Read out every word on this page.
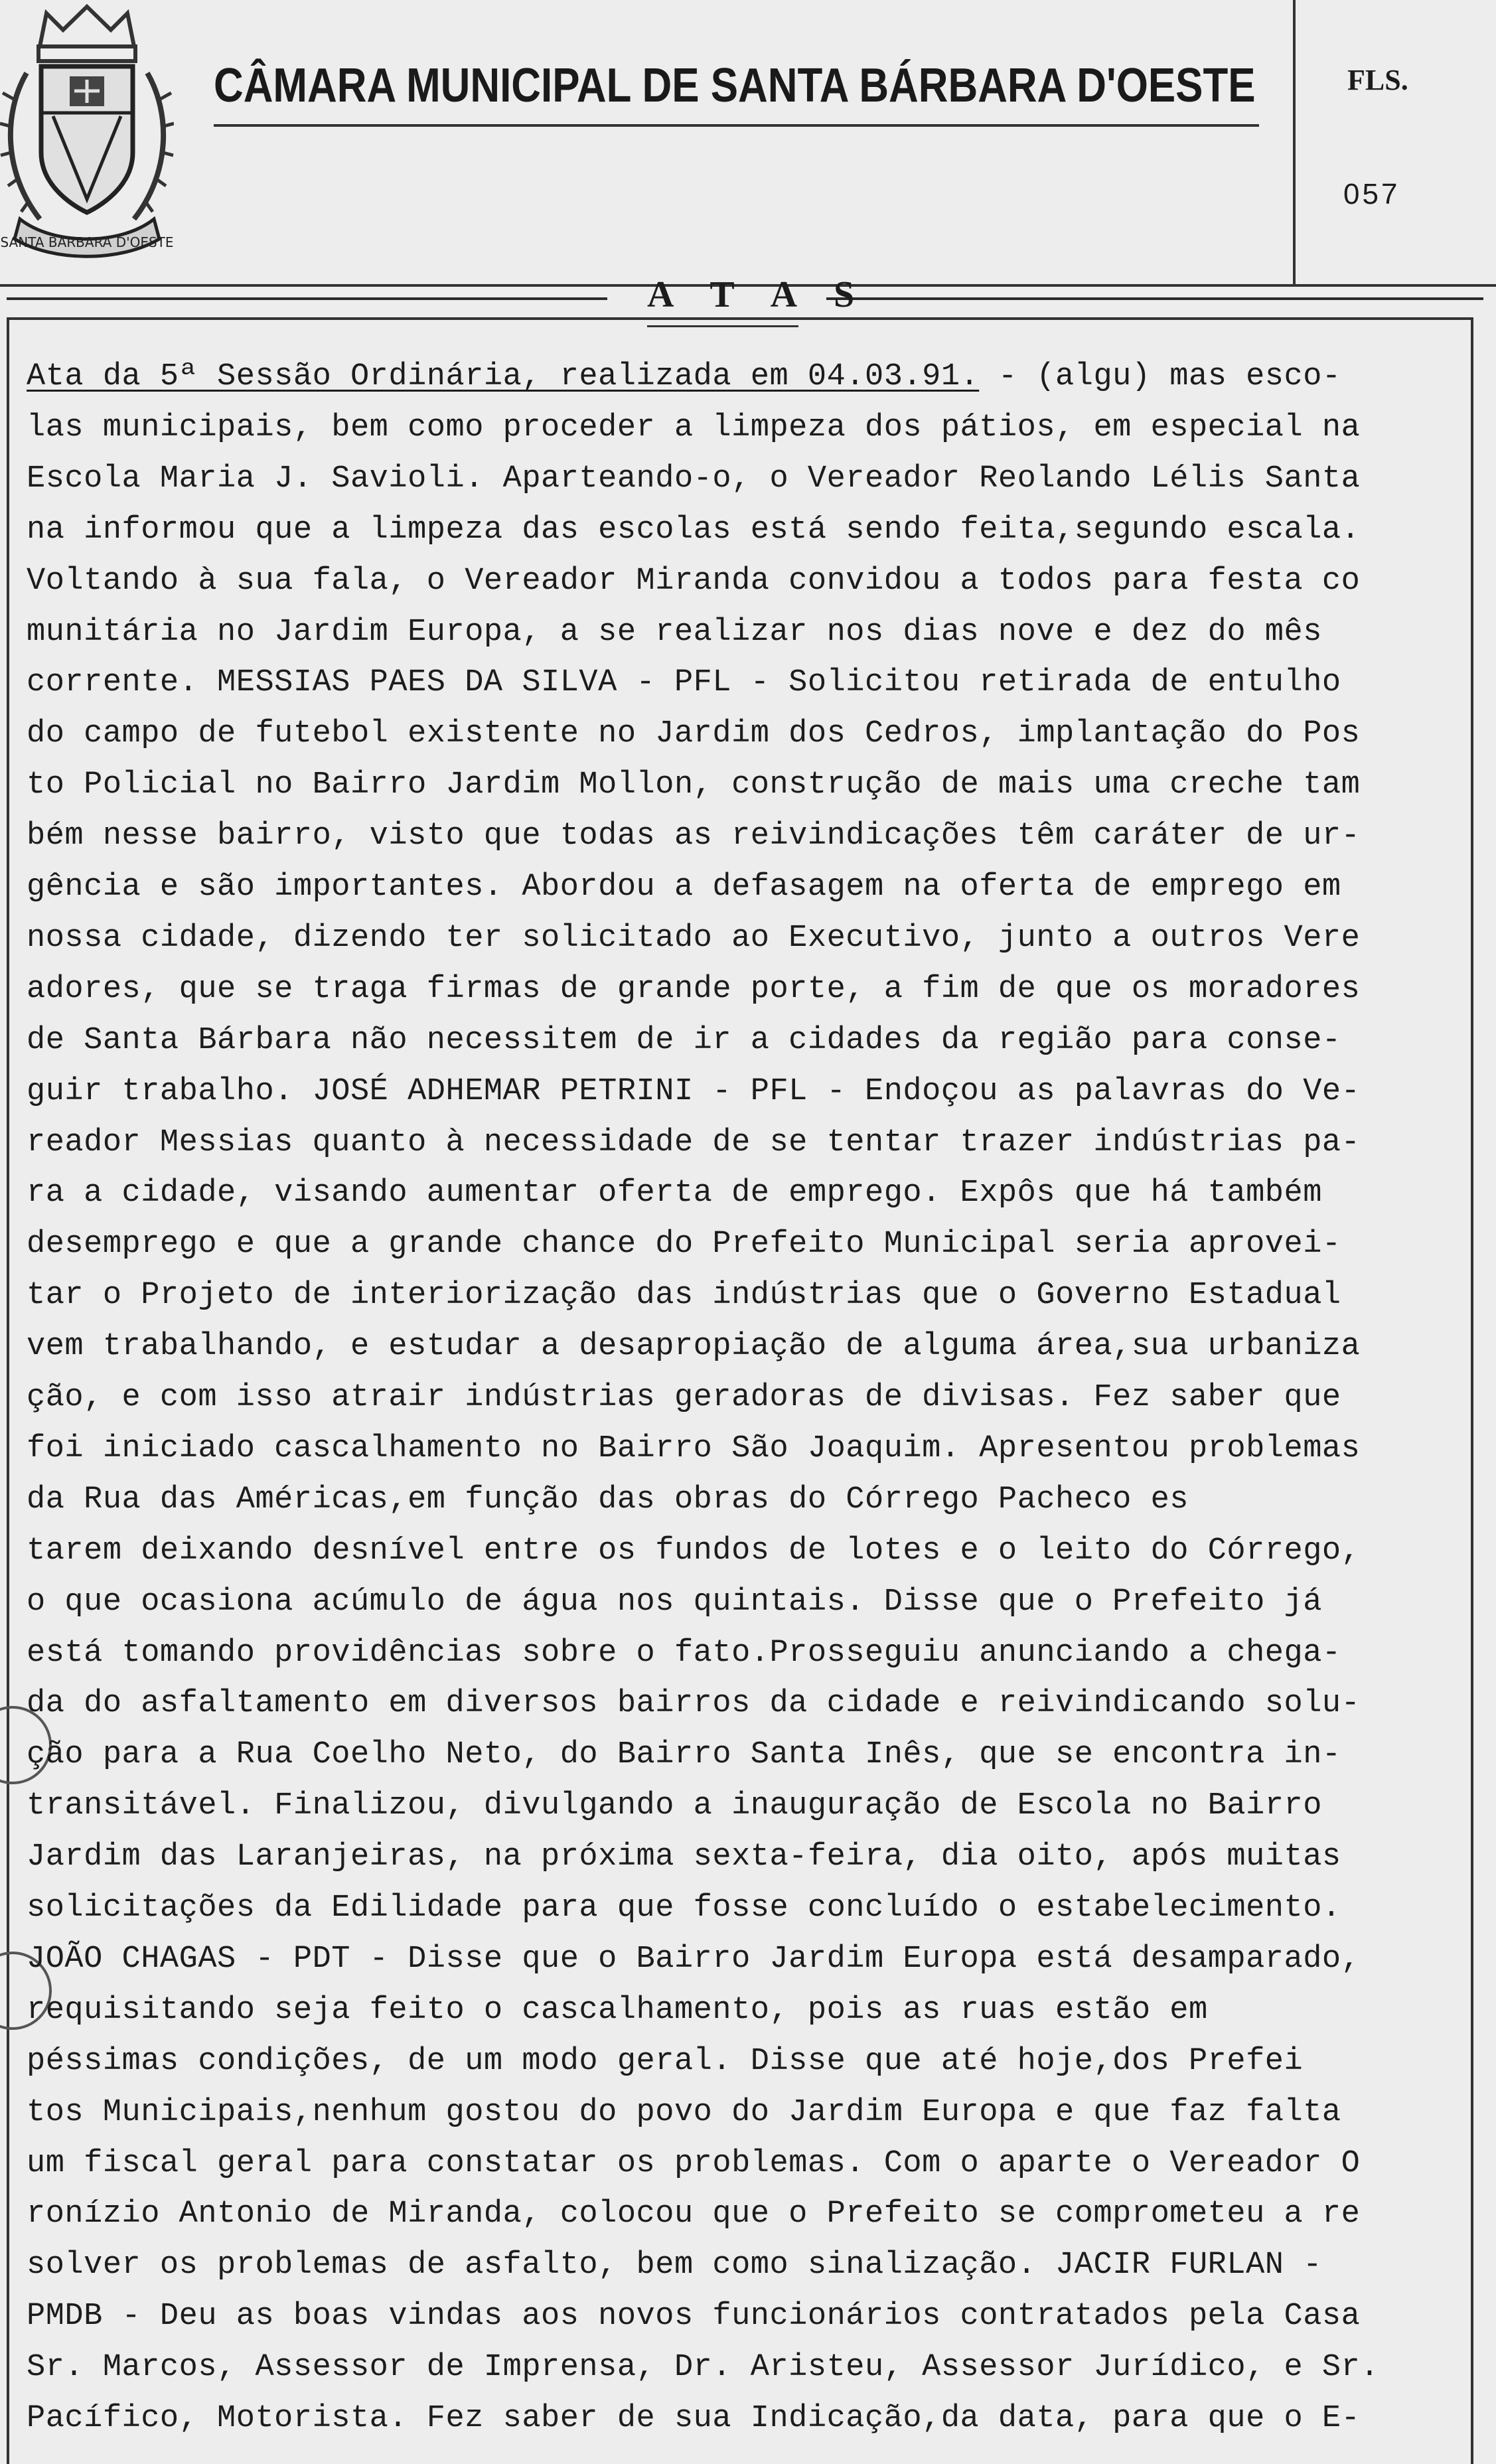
SANTA BARBARA D'OESTE
CÂMARA MUNICIPAL DE SANTA BÁRBARA D'OESTE	FLS.
057
A T A S
Ata da 5ª Sessão Ordinária, realizada em 04.03.91. - (algu) mas esco-
las municipais, bem como proceder a limpeza dos pátios, em especial na
Escola Maria J. Savioli. Aparteando-o, o Vereador Reolando Lélis Santa
na informou que a limpeza das escolas está sendo feita,segundo escala.
Voltando à sua fala, o Vereador Miranda convidou a todos para festa co
munitária no Jardim Europa, a se realizar nos dias nove e dez do mês
corrente. MESSIAS PAES DA SILVA - PFL - Solicitou retirada de entulho
do campo de futebol existente no Jardim dos Cedros, implantação do Pos
to Policial no Bairro Jardim Mollon, construção de mais uma creche tam
bém nesse bairro, visto que todas as reivindicações têm caráter de ur-
gência e são importantes. Abordou a defasagem na oferta de emprego em
nossa cidade, dizendo ter solicitado ao Executivo, junto a outros Vere
adores, que se traga firmas de grande porte, a fim de que os moradores
de Santa Bárbara não necessitem de ir a cidades da região para conse-
guir trabalho. JOSÉ ADHEMAR PETRINI - PFL - Endoçou as palavras do Ve-
reador Messias quanto à necessidade de se tentar trazer indústrias pa-
ra a cidade, visando aumentar oferta de emprego. Expôs que há também
desemprego e que a grande chance do Prefeito Municipal seria aprovei-
tar o Projeto de interiorização das indústrias que o Governo Estadual
vem trabalhando, e estudar a desapropiação de alguma área,sua urbaniza
ção, e com isso atrair indústrias geradoras de divisas. Fez saber que
foi iniciado cascalhamento no Bairro São Joaquim. Apresentou problemas
da Rua das Américas,em função das obras do Córrego Pacheco es
tarem deixando desnível entre os fundos de lotes e o leito do Córrego,
o que ocasiona acúmulo de água nos quintais. Disse que o Prefeito já
está tomando providências sobre o fato.Prosseguiu anunciando a chega-
da do asfaltamento em diversos bairros da cidade e reivindicando solu-
ção para a Rua Coelho Neto, do Bairro Santa Inês, que se encontra in-
transitável. Finalizou, divulgando a inauguração de Escola no Bairro
Jardim das Laranjeiras, na próxima sexta-feira, dia oito, após muitas
solicitações da Edilidade para que fosse concluído o estabelecimento.
JOÃO CHAGAS - PDT - Disse que o Bairro Jardim Europa está desamparado,
requisitando seja feito o cascalhamento, pois as ruas estão em
péssimas condições, de um modo geral. Disse que até hoje,dos Prefei
tos Municipais,nenhum gostou do povo do Jardim Europa e que faz falta
um fiscal geral para constatar os problemas. Com o aparte o Vereador O
ronízio Antonio de Miranda, colocou que o Prefeito se comprometeu a re
solver os problemas de asfalto, bem como sinalização. JACIR FURLAN -
PMDB - Deu as boas vindas aos novos funcionários contratados pela Casa
Sr. Marcos, Assessor de Imprensa, Dr. Aristeu, Assessor Jurídico, e Sr.
Pacífico, Motorista. Fez saber de sua Indicação,da data, para que o E-
